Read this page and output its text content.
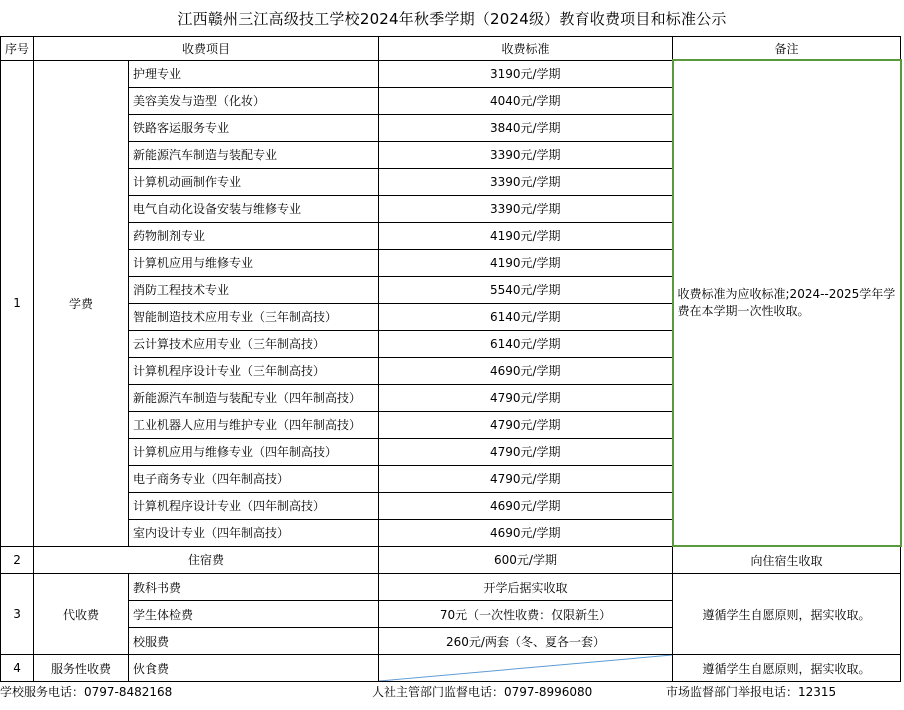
江西赣州三江高级技工学校2024年秋季学期（2024级）教育收费项目和标准公示
序号	收费项目		收费标准	备注
1	学费	护理专业	3190元/学期	收费标准为应收标准;2024--2025学年学费在本学期一次性收取。

		美容美发与造型（化妆）	4040元/学期	
		铁路客运服务专业	3840元/学期	
		新能源汽车制造与装配专业	3390元/学期	
		计算机动画制作专业	3390元/学期	
		电气自动化设备安装与维修专业	3390元/学期	
		药物制剂专业	4190元/学期	
		计算机应用与维修专业	4190元/学期	
		消防工程技术专业	5540元/学期	
		智能制造技术应用专业（三年制高技）	6140元/学期	
		云计算技术应用专业（三年制高技）	6140元/学期	
		计算机程序设计专业（三年制高技）	4690元/学期	
		新能源汽车制造与装配专业（四年制高技）	4790元/学期	
		工业机器人应用与维护专业（四年制高技）	4790元/学期	
		计算机应用与维修专业（四年制高技）	4790元/学期	
		电子商务专业（四年制高技）	4790元/学期	
		计算机程序设计专业（四年制高技）	4690元/学期	
		室内设计专业（四年制高技）	4690元/学期	
2	住宿费		600元/学期	向住宿生收取
3	代收费	教科书费	开学后据实收取	遵循学生自愿原则，据实收取。
		学生体检费	70元（一次性收费：仅限新生）	
		校服费	260元/两套（冬、夏各一套）	
4	服务性收费	伙食费		遵循学生自愿原则，据实收取。
学校服务电话：0797-8482168	人社主管部门监督电话：0797-8996080	市场监督部门举报电话：12315
